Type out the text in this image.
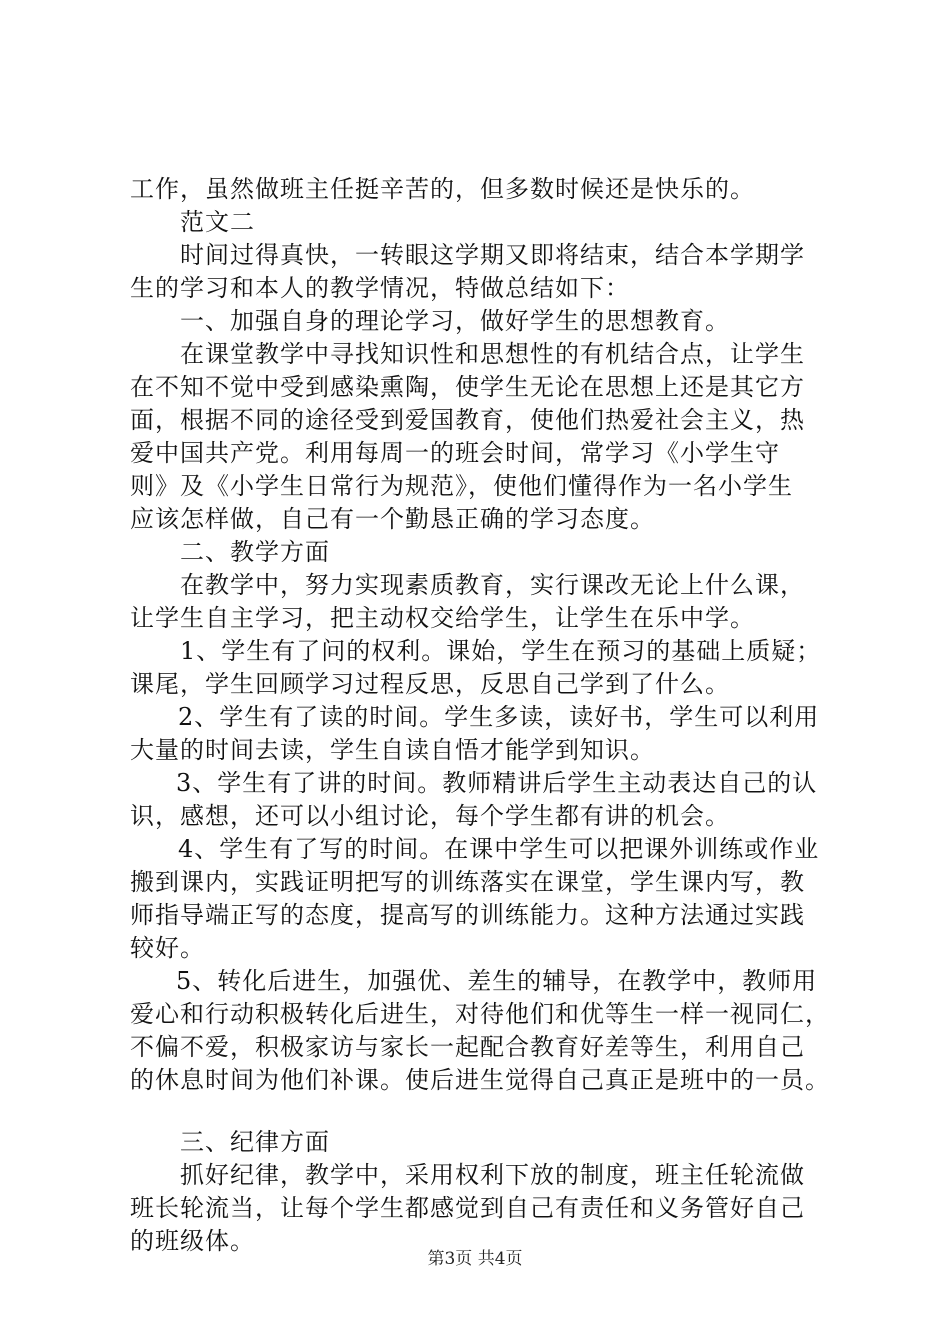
工作，虽然做班主任挺辛苦的，但多数时候还是快乐的。
范文二
时间过得真快，一转眼这学期又即将结束，结合本学期学
生的学习和本人的教学情况，特做总结如下：
一、加强自身的理论学习，做好学生的思想教育。
在课堂教学中寻找知识性和思想性的有机结合点，让学生
在不知不觉中受到感染熏陶，使学生无论在思想上还是其它方
面，根据不同的途径受到爱国教育，使他们热爱社会主义，热
爱中国共产党。利用每周一的班会时间，常学习《小学生守
则》及《小学生日常行为规范》，使他们懂得作为一名小学生
应该怎样做，自己有一个勤恳正确的学习态度。
二、教学方面
在教学中，努力实现素质教育，实行课改无论上什么课，
让学生自主学习，把主动权交给学生，让学生在乐中学。
1、学生有了问的权利。课始，学生在预习的基础上质疑；
课尾，学生回顾学习过程反思，反思自己学到了什么。
2、学生有了读的时间。学生多读，读好书，学生可以利用
大量的时间去读，学生自读自悟才能学到知识。
3、学生有了讲的时间。教师精讲后学生主动表达自己的认
识，感想，还可以小组讨论，每个学生都有讲的机会。
4、学生有了写的时间。在课中学生可以把课外训练或作业
搬到课内，实践证明把写的训练落实在课堂，学生课内写，教
师指导端正写的态度，提高写的训练能力。这种方法通过实践
较好。
5、转化后进生，加强优、差生的辅导，在教学中，教师用
爱心和行动积极转化后进生，对待他们和优等生一样一视同仁，
不偏不爱，积极家访与家长一起配合教育好差等生，利用自己
的休息时间为他们补课。使后进生觉得自己真正是班中的一员。
三、纪律方面
抓好纪律，教学中，采用权利下放的制度，班主任轮流做
班长轮流当，让每个学生都感觉到自己有责任和义务管好自己
的班级体。
第3页 共4页
